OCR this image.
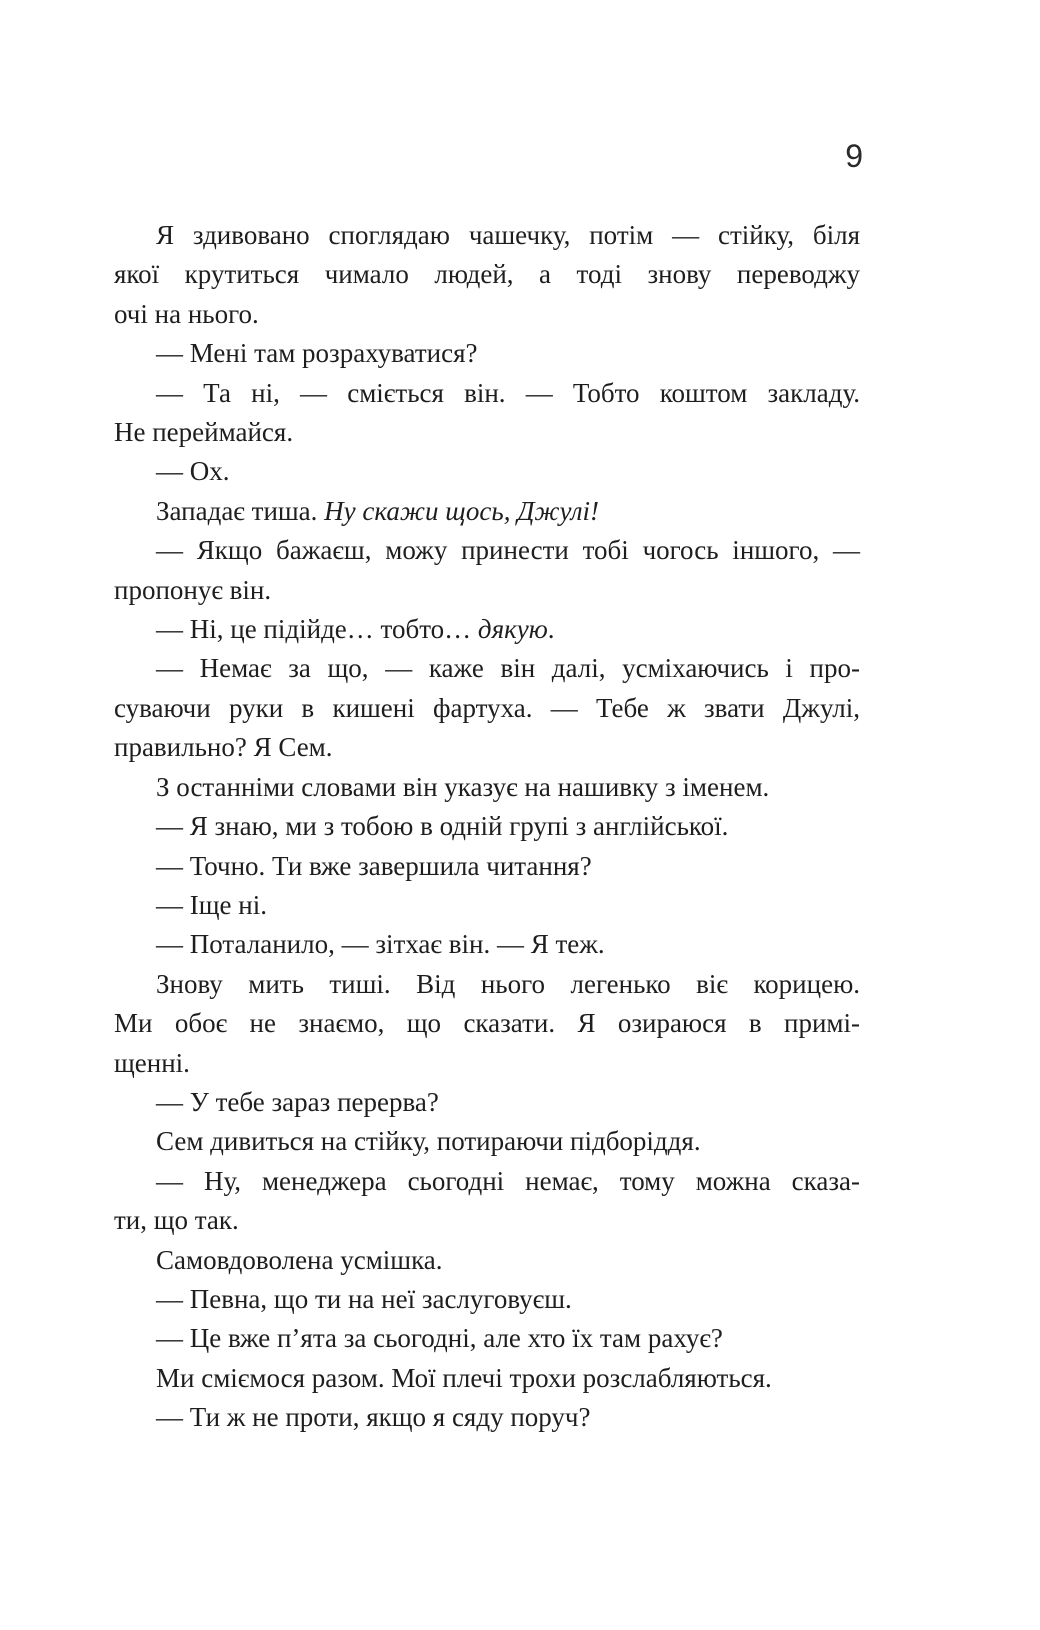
9
Я здивовано споглядаю чашечку, потім — стійку, біля
якої крутиться чимало людей, а тоді знову переводжу
очі на нього.
— Мені там розрахуватися?
— Та ні, — сміється він. — Тобто коштом закладу.
Не переймайся.
— Ох.
Западає тиша. Ну скажи щось, Джулі!
— Якщо бажаєш, можу принести тобі чогось іншого, —
пропонує він.
— Ні, це підійде… тобто… дякую.
— Немає за що, — каже він далі, усміхаючись і про-
суваючи руки в кишені фартуха. — Тебе ж звати Джулі,
правильно? Я Сем.
З останніми словами він указує на нашивку з іменем.
— Я знаю, ми з тобою в одній групі з англійської.
— Точно. Ти вже завершила читання?
— Іще ні.
— Поталанило, — зітхає він. — Я теж.
Знову мить тиші. Від нього легенько віє корицею.
Ми обоє не знаємо, що сказати. Я озираюся в примі-
щенні.
— У тебе зараз перерва?
Сем дивиться на стійку, потираючи підборіддя.
— Ну, менеджера сьогодні немає, тому можна сказа-
ти, що так.
Самовдоволена усмішка.
— Певна, що ти на неї заслуговуєш.
— Це вже п’ята за сьогодні, але хто їх там рахує?
Ми сміємося разом. Мої плечі трохи розслабляються.
— Ти ж не проти, якщо я сяду поруч?
